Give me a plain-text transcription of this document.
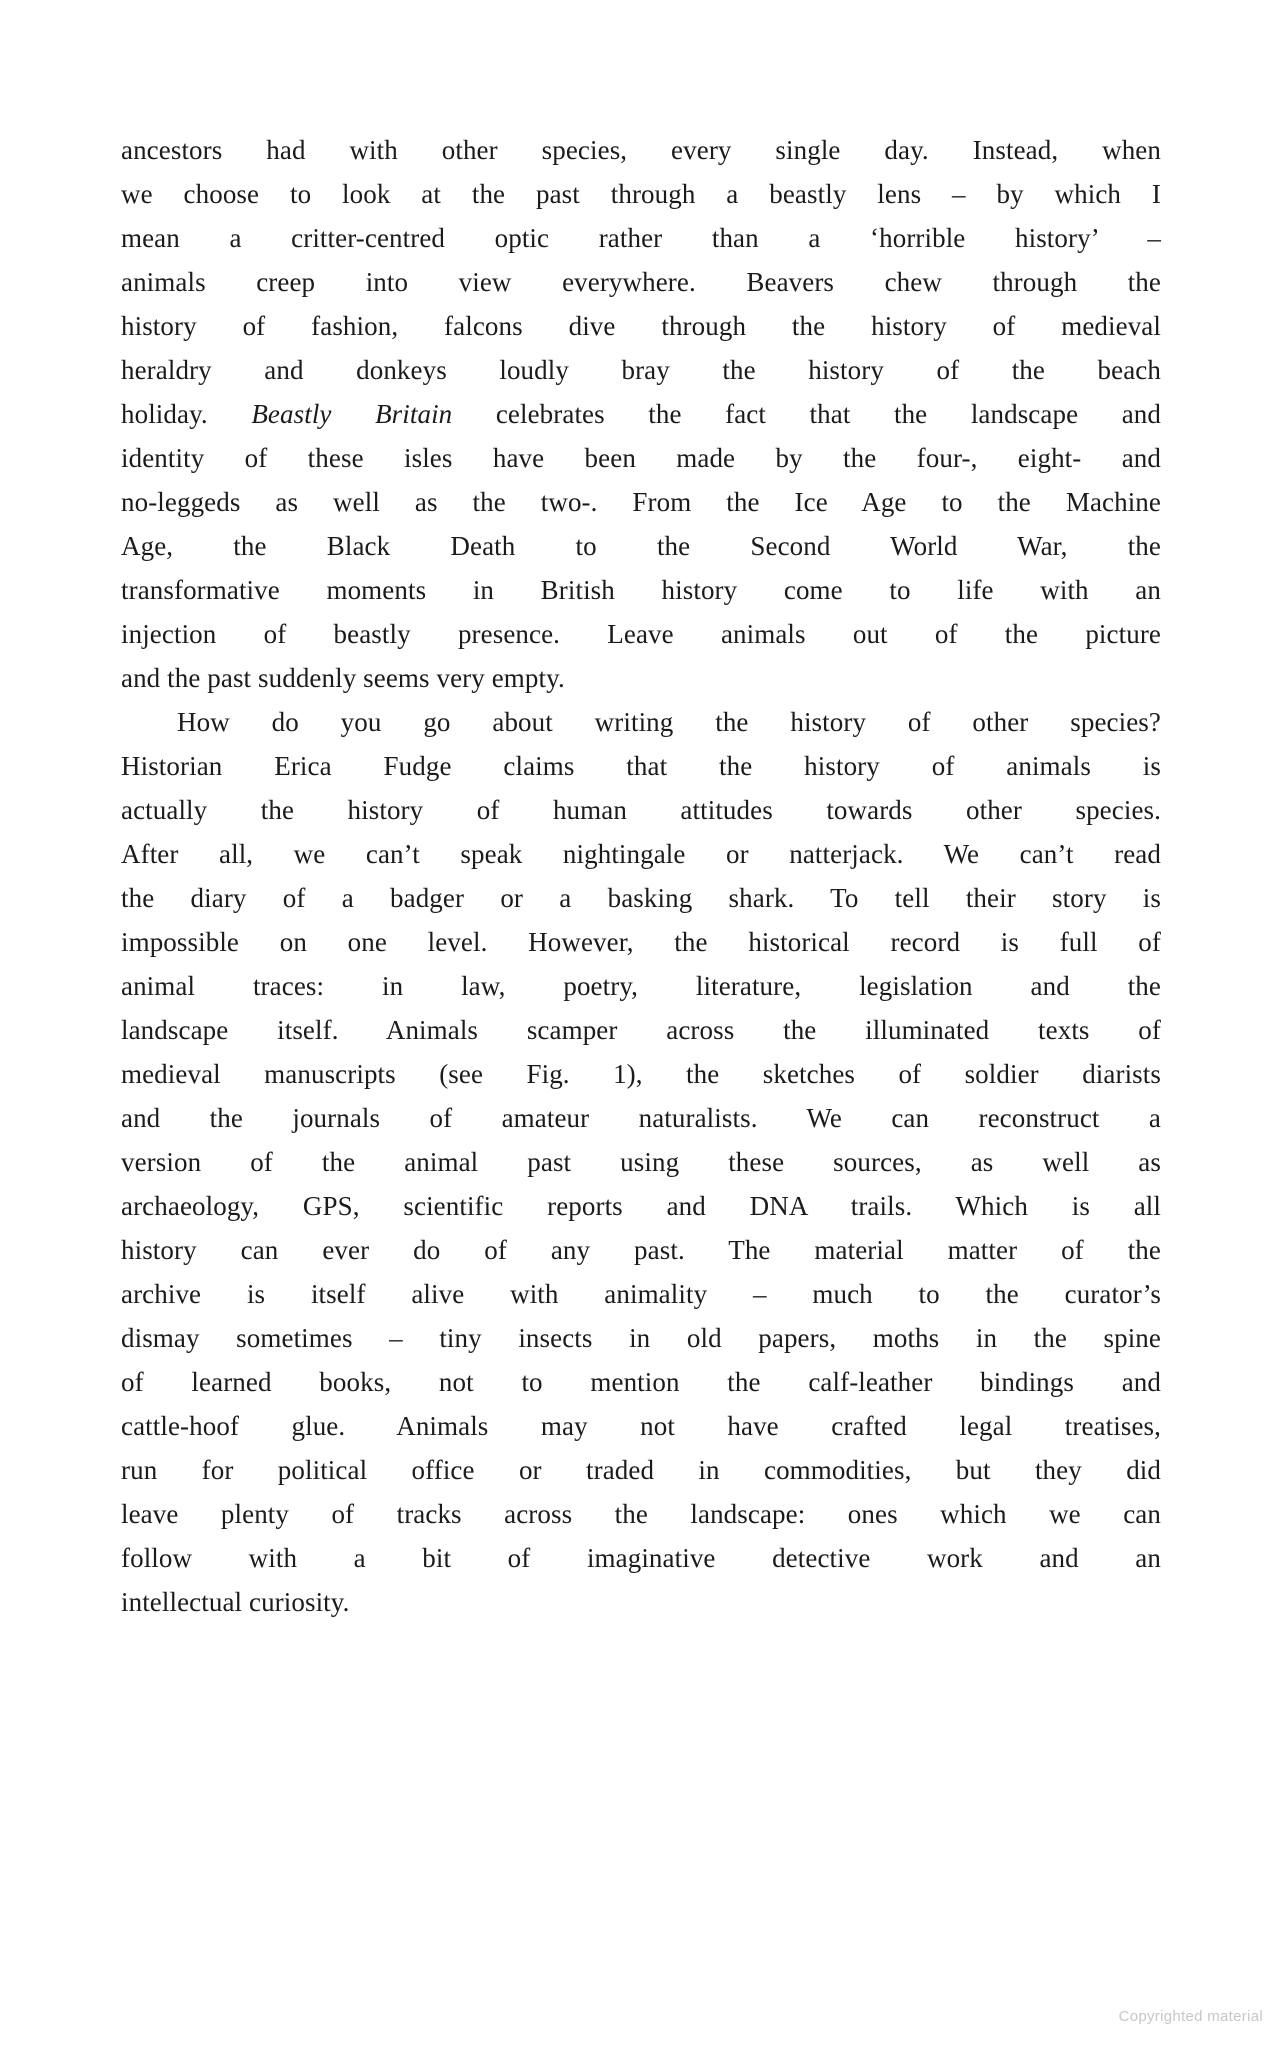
ancestors had with other species, every single day. Instead, when
we choose to look at the past through a beastly lens – by which I
mean a critter-centred optic rather than a ‘horrible history’ –
animals creep into view everywhere. Beavers chew through the
history of fashion, falcons dive through the history of medieval
heraldry and donkeys loudly bray the history of the beach
holiday. Beastly Britain celebrates the fact that the landscape and
identity of these isles have been made by the four-, eight- and
no-leggeds as well as the two-. From the Ice Age to the Machine
Age, the Black Death to the Second World War, the
transformative moments in British history come to life with an
injection of beastly presence. Leave animals out of the picture
and the past suddenly seems very empty.
How do you go about writing the history of other species?
Historian Erica Fudge claims that the history of animals is
actually the history of human attitudes towards other species.
After all, we can’t speak nightingale or natterjack. We can’t read
the diary of a badger or a basking shark. To tell their story is
impossible on one level. However, the historical record is full of
animal traces: in law, poetry, literature, legislation and the
landscape itself. Animals scamper across the illuminated texts of
medieval manuscripts (see Fig. 1), the sketches of soldier diarists
and the journals of amateur naturalists. We can reconstruct a
version of the animal past using these sources, as well as
archaeology, GPS, scientific reports and DNA trails. Which is all
history can ever do of any past. The material matter of the
archive is itself alive with animality – much to the curator’s
dismay sometimes – tiny insects in old papers, moths in the spine
of learned books, not to mention the calf-leather bindings and
cattle-hoof glue. Animals may not have crafted legal treatises,
run for political office or traded in commodities, but they did
leave plenty of tracks across the landscape: ones which we can
follow with a bit of imaginative detective work and an
intellectual curiosity.
Copyrighted material
